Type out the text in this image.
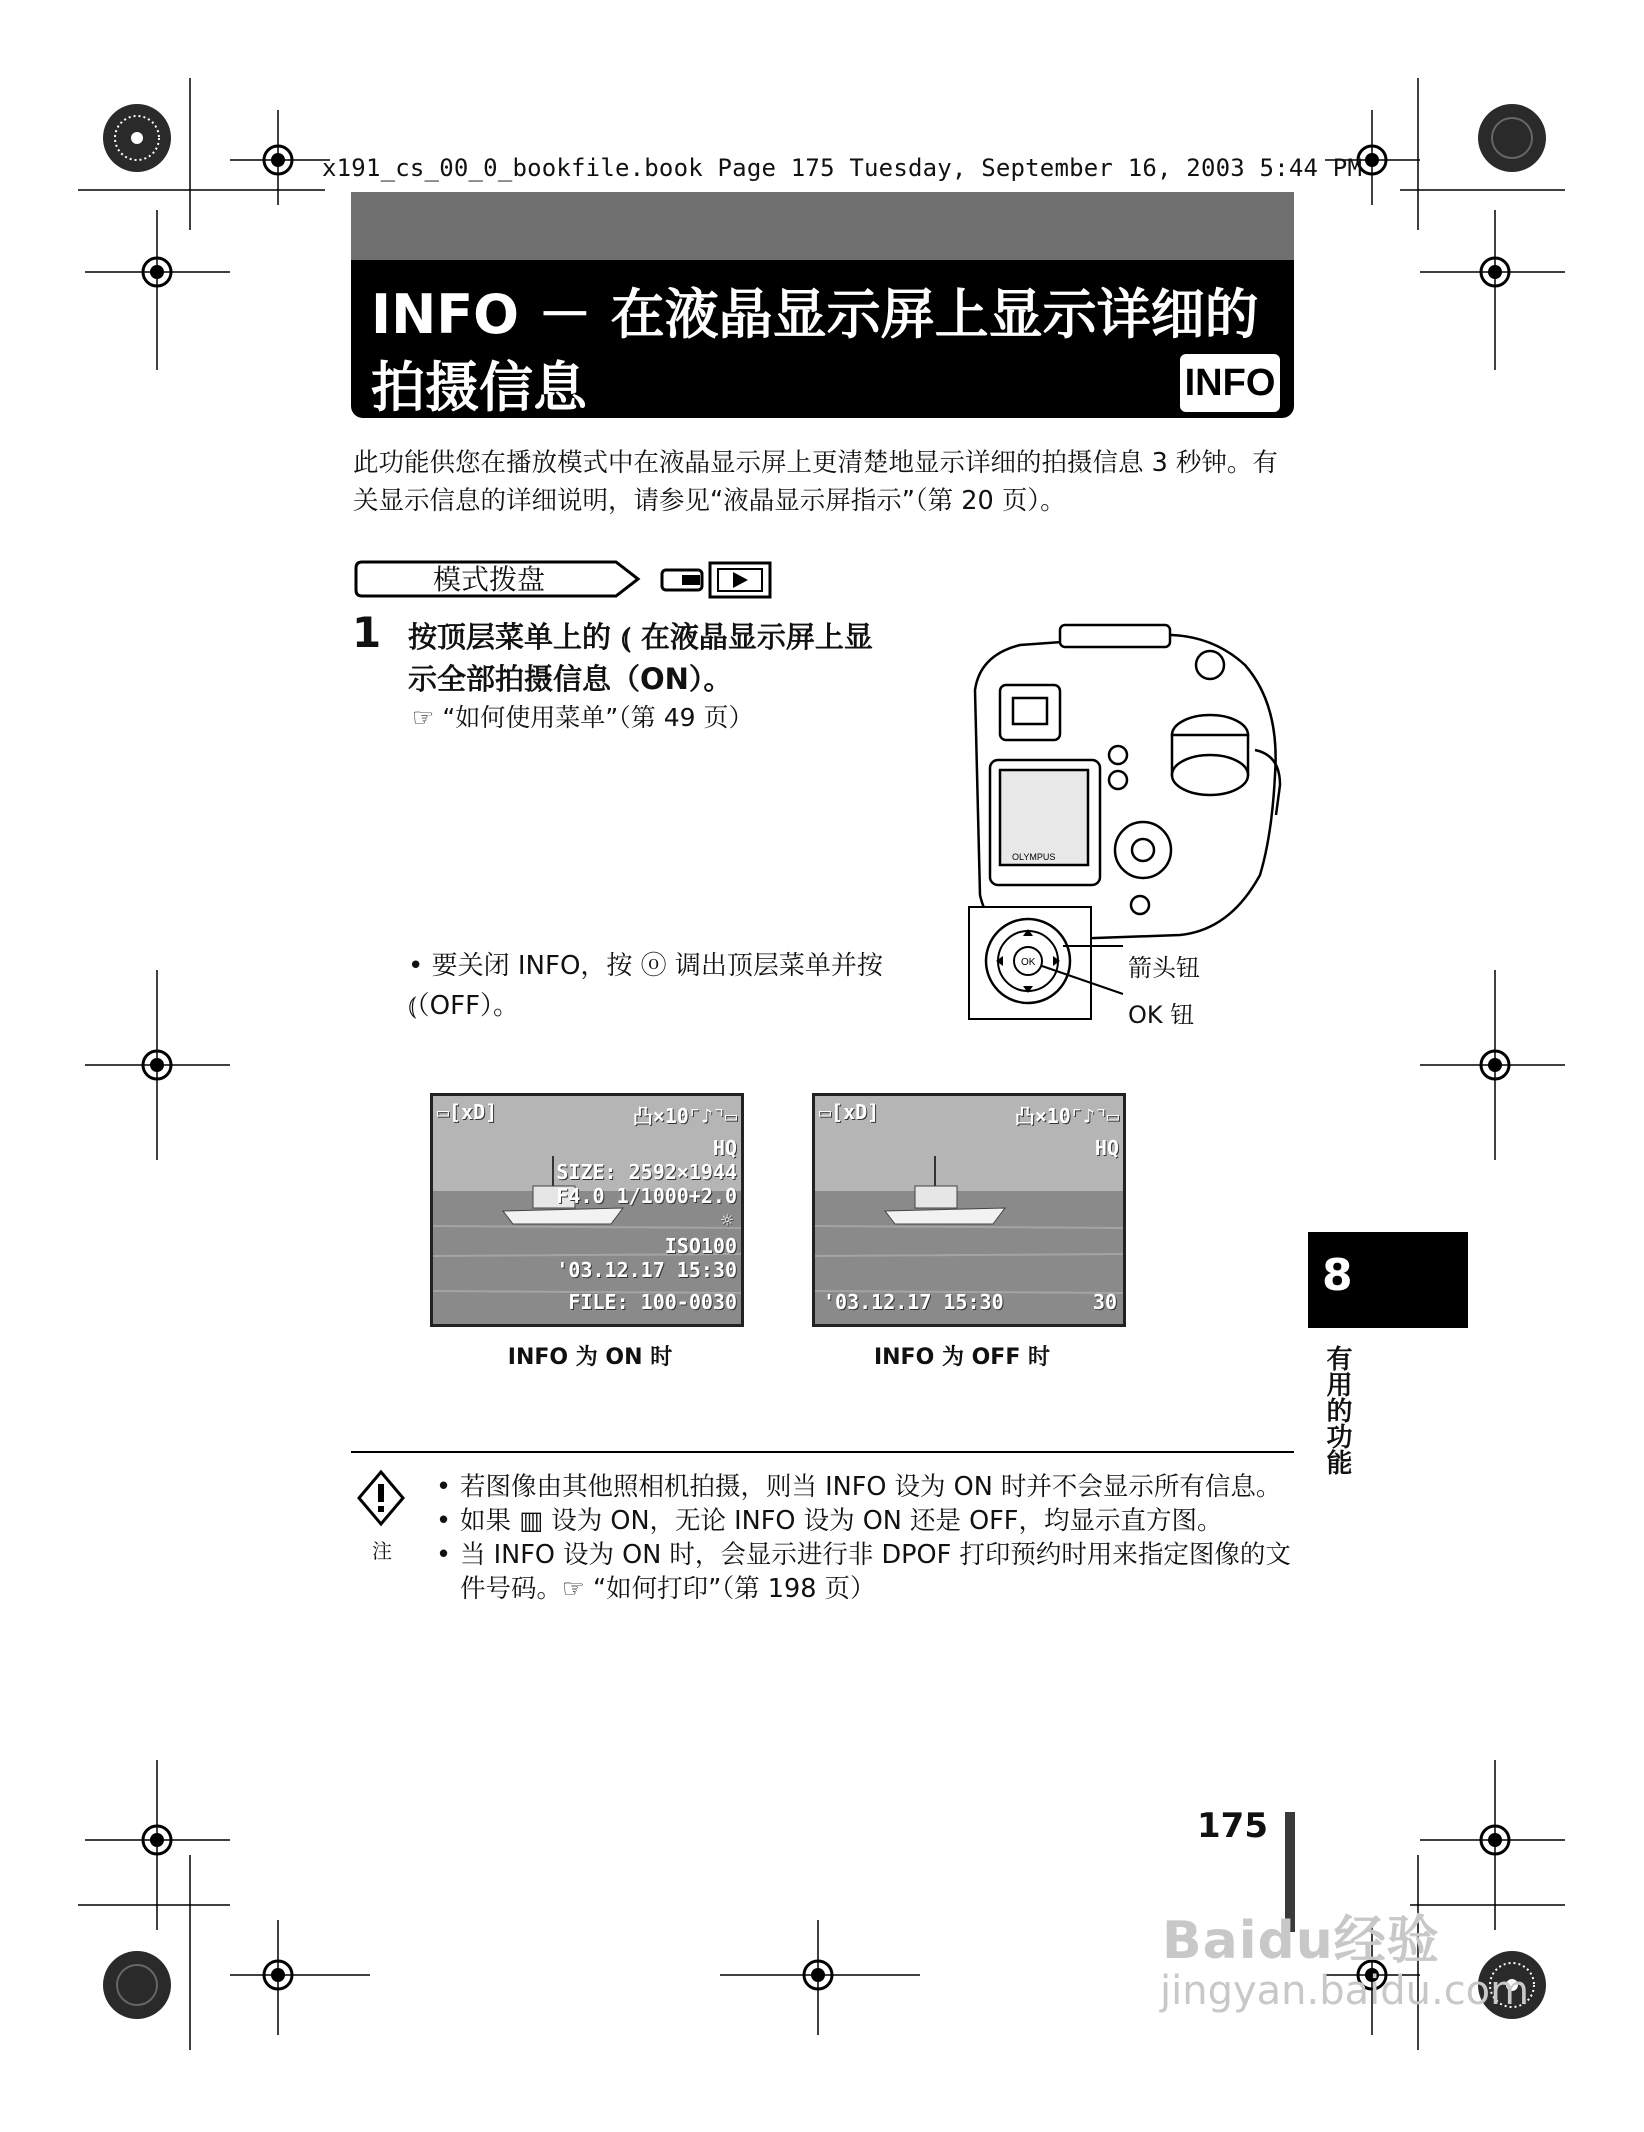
x191_cs_00_0_bookfile.book Page 175 Tuesday, September 16, 2003 5:44 PM
INFO － 在液晶显示屏上显示详细的
拍摄信息	INFO
此功能供您在播放模式中在液晶显示屏上更清楚地显示详细的拍摄信息 3 秒钟。有关显示信息的详细说明，请参见“液晶显示屏指示”（第 20 页）。
模式拨盘
1 按顶层菜单上的 ⦅ 在液晶显示屏上显
示全部拍摄信息（ON）。
☞ “如何使用菜单”（第 49 页）
OLYMPUS
OK	箭头钮
OK 钮
• 要关闭 INFO，按 ⓞ 调出顶层菜单并按 ⦅（OFF）。
▭[xD]	凸×10⌜♪⌝▭
HQ
SIZE: 2592×1944
F4.0 1/1000+2.0
☼
ISO100
'03.12.17 15:30
FILE: 100-0030
▭[xD]	凸×10⌜♪⌝▭
HQ
'03.12.17 15:30	30
INFO 为 ON 时	INFO 为 OFF 时
注
• 若图像由其他照相机拍摄，则当 INFO 设为 ON 时并不会显示所有信息。
• 如果 ▥ 设为 ON，无论 INFO 设为 ON 还是 OFF，均显示直方图。
• 当 INFO 设为 ON 时，会显示进行非 DPOF 打印预约时用来指定图像的文件号码。☞ “如何打印”（第 198 页）
8
有用的功能
175
Baidu经验
jingyan.baidu.com
